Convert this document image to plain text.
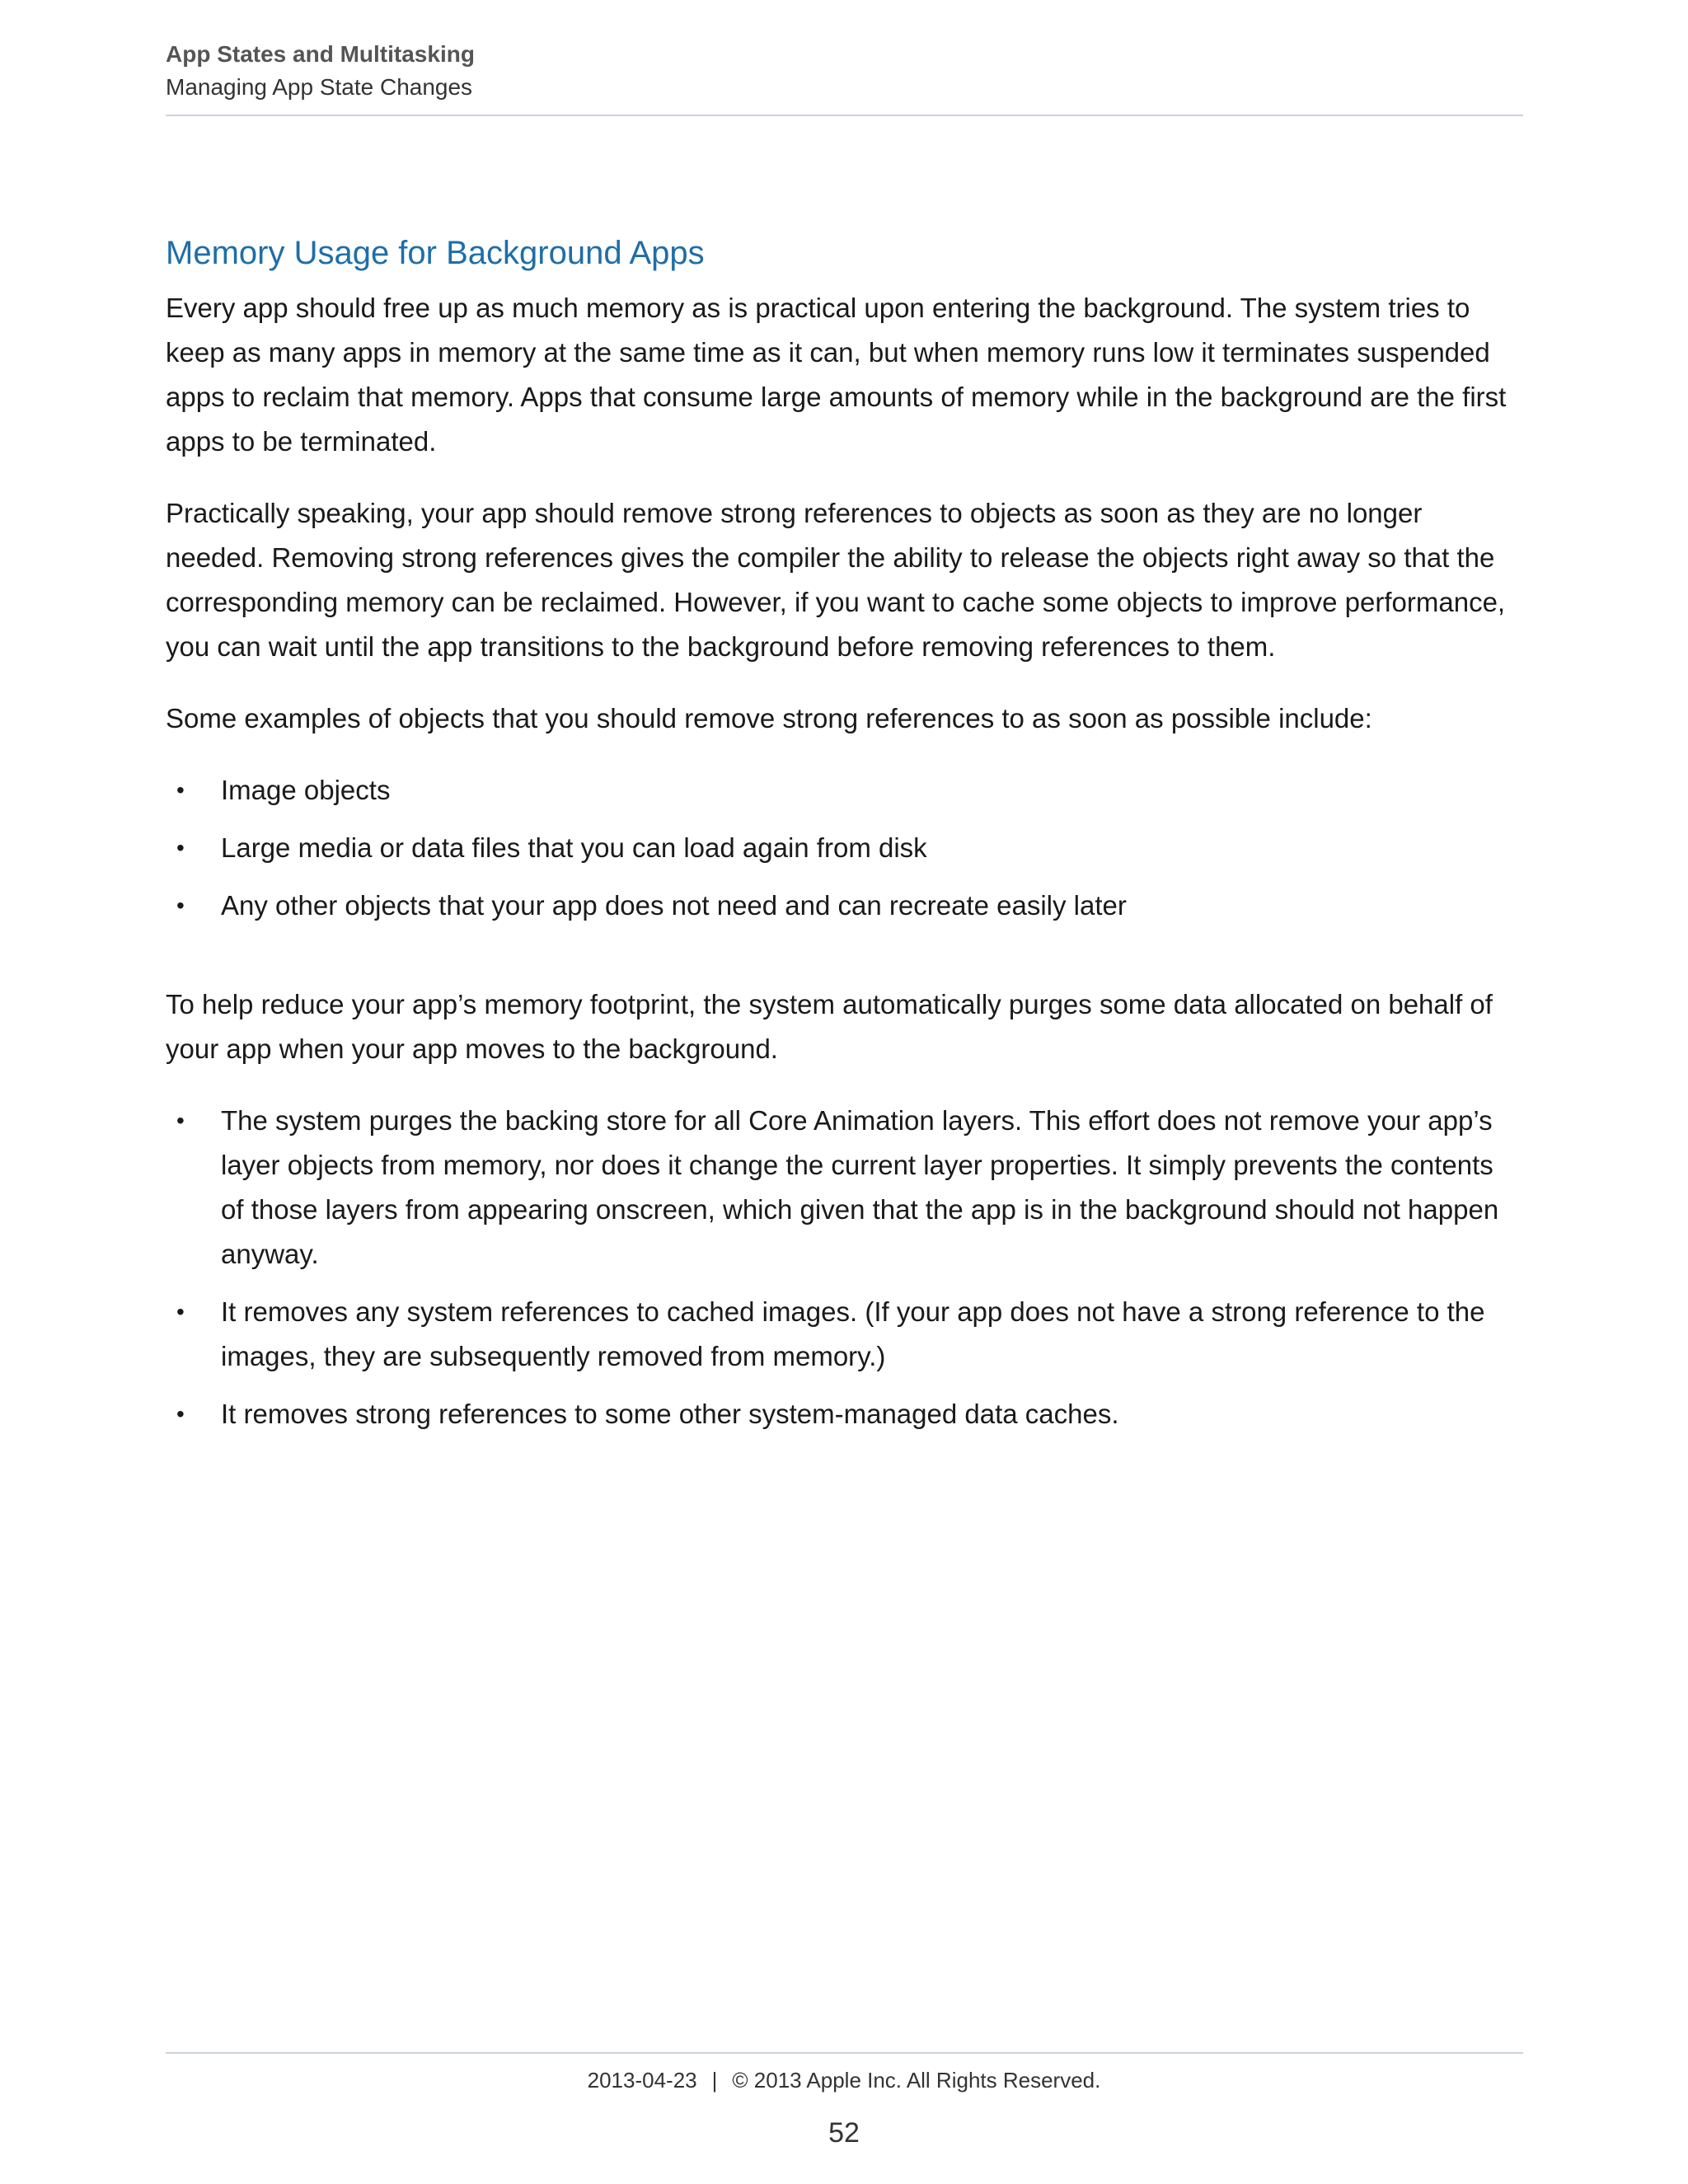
App States and Multitasking
Managing App State Changes
Memory Usage for Background Apps

Every app should free up as much memory as is practical upon entering the background. The system tries to keep as many apps in memory at the same time as it can, but when memory runs low it terminates suspended apps to reclaim that memory. Apps that consume large amounts of memory while in the background are the first apps to be terminated.

Practically speaking, your app should remove strong references to objects as soon as they are no longer needed. Removing strong references gives the compiler the ability to release the objects right away so that the corresponding memory can be reclaimed. However, if you want to cache some objects to improve performance, you can wait until the app transitions to the background before removing references to them.

Some examples of objects that you should remove strong references to as soon as possible include:

• Image objects
• Large media or data files that you can load again from disk
• Any other objects that your app does not need and can recreate easily later

To help reduce your app’s memory footprint, the system automatically purges some data allocated on behalf of your app when your app moves to the background.

• The system purges the backing store for all Core Animation layers. This effort does not remove your app’s layer objects from memory, nor does it change the current layer properties. It simply prevents the contents of those layers from appearing onscreen, which given that the app is in the background should not happen anyway.
• It removes any system references to cached images. (If your app does not have a strong reference to the images, they are subsequently removed from memory.)
• It removes strong references to some other system-managed data caches.
2013-04-23 | © 2013 Apple Inc. All Rights Reserved.
52
